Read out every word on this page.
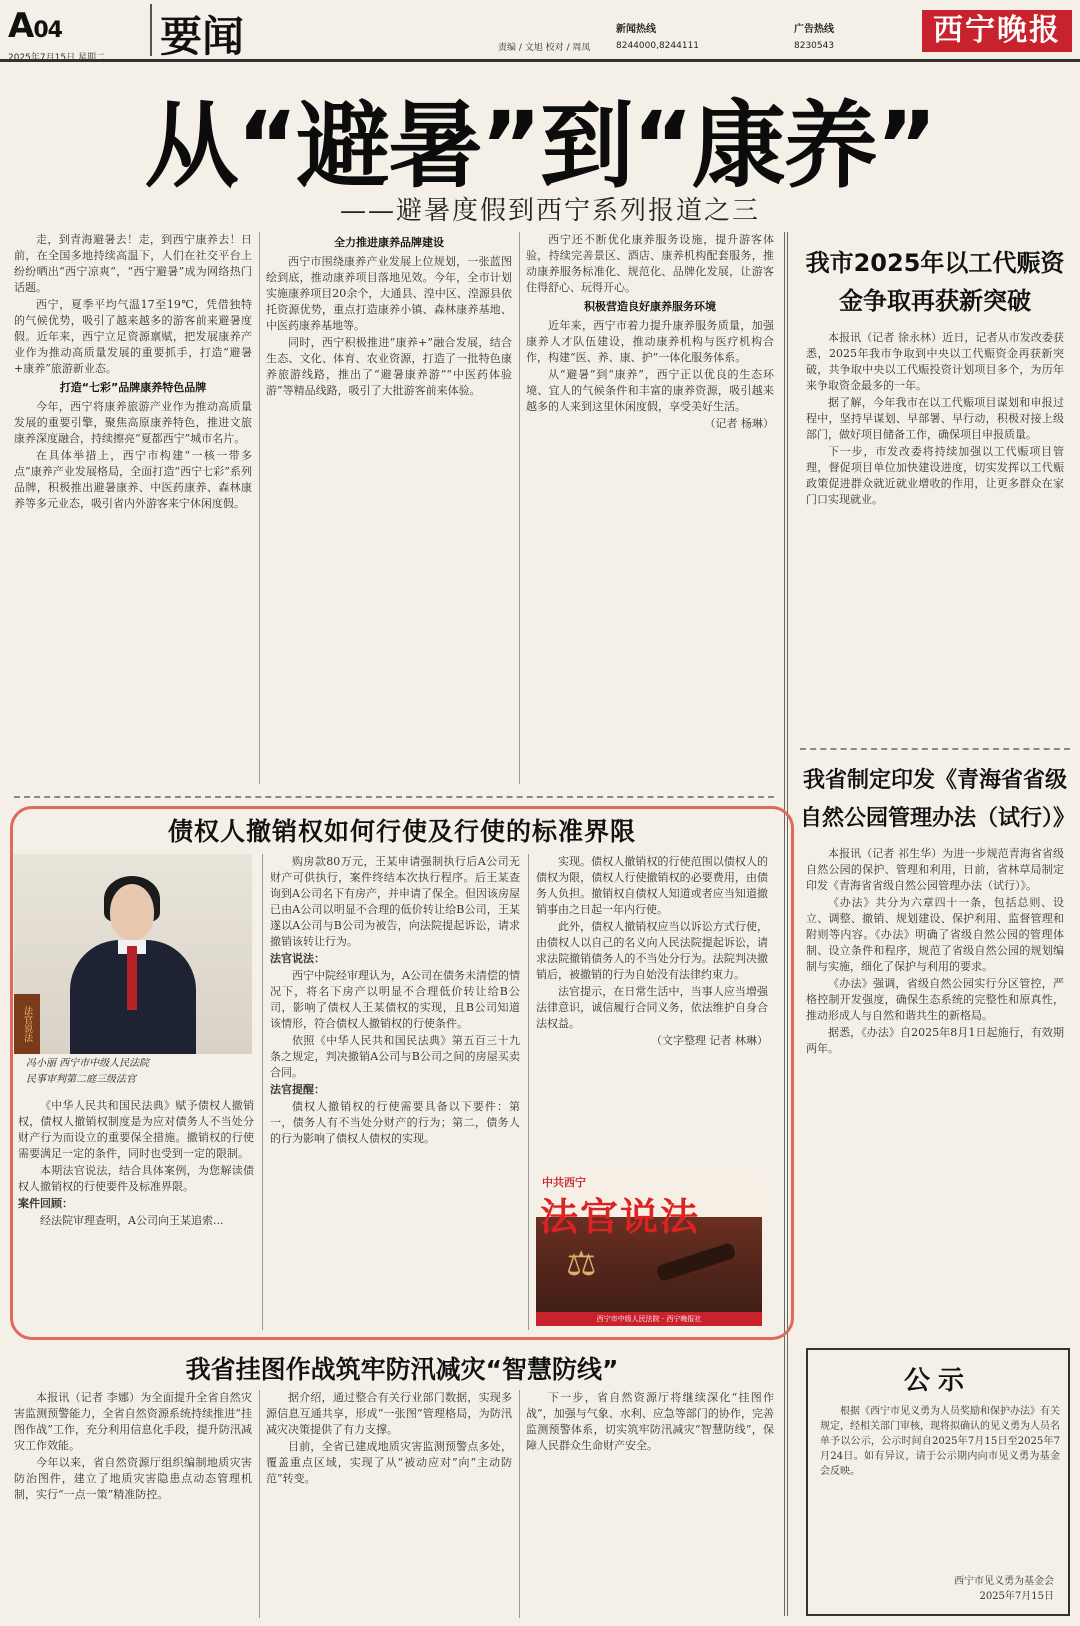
A04
2025年7月15日 星期二 要闻	责编 / 文旭 校对 / 周凤
新闻热线
8244000,8244111
广告热线
8230543	西宁晚报
从“避暑”到“康养”
——避暑度假到西宁系列报道之三

走，到青海避暑去！走，到西宁康养去！日前，在全国多地持续高温下，人们在社交平台上纷纷晒出“西宁凉爽”，“西宁避暑”成为网络热门话题。

西宁，夏季平均气温17至19℃，凭借独特的气候优势，吸引了越来越多的游客前来避暑度假。近年来，西宁立足资源禀赋，把发展康养产业作为推动高质量发展的重要抓手，打造“避暑+康养”旅游新业态。

打造“七彩”品牌康养特色品牌

今年，西宁将康养旅游产业作为推动高质量发展的重要引擎，聚焦高原康养特色，推进文旅康养深度融合，持续擦亮“夏都西宁”城市名片。

在具体举措上，西宁市构建“一核一带多点”康养产业发展格局，全面打造“西宁七彩”系列品牌，积极推出避暑康养、中医药康养、森林康养等多元业态，吸引省内外游客来宁休闲度假。

全力推进康养品牌建设

西宁市围绕康养产业发展上位规划，一张蓝图绘到底，推动康养项目落地见效。今年，全市计划实施康养项目20余个，大通县、湟中区、湟源县依托资源优势，重点打造康养小镇、森林康养基地、中医药康养基地等。

同时，西宁积极推进“康养+”融合发展，结合生态、文化、体育、农业资源，打造了一批特色康养旅游线路，推出了“避暑康养游”“中医药体验游”等精品线路，吸引了大批游客前来体验。

西宁还不断优化康养服务设施，提升游客体验，持续完善景区、酒店、康养机构配套服务，推动康养服务标准化、规范化、品牌化发展，让游客住得舒心、玩得开心。

积极营造良好康养服务环境

近年来，西宁市着力提升康养服务质量，加强康养人才队伍建设，推动康养机构与医疗机构合作，构建“医、养、康、护”一体化服务体系。

从“避暑”到“康养”，西宁正以优良的生态环境、宜人的气候条件和丰富的康养资源，吸引越来越多的人来到这里休闲度假，享受美好生活。

（记者 杨琳）

我市2025年以工代赈资金争取再获新突破

本报讯（记者 徐永林）近日，记者从市发改委获悉，2025年我市争取到中央以工代赈资金再获新突破，共争取中央以工代赈投资计划项目多个，为历年来争取资金最多的一年。

据了解，今年我市在以工代赈项目谋划和申报过程中，坚持早谋划、早部署、早行动，积极对接上级部门，做好项目储备工作，确保项目申报质量。

下一步，市发改委将持续加强以工代赈项目管理，督促项目单位加快建设进度，切实发挥以工代赈政策促进群众就近就业增收的作用，让更多群众在家门口实现就业。

我省制定印发《青海省省级自然公园管理办法（试行）》

本报讯（记者 祁生华）为进一步规范青海省省级自然公园的保护、管理和利用，日前，省林草局制定印发《青海省省级自然公园管理办法（试行）》。

《办法》共分为六章四十一条，包括总则、设立、调整、撤销、规划建设、保护利用、监督管理和附则等内容。《办法》明确了省级自然公园的管理体制、设立条件和程序，规范了省级自然公园的规划编制与实施，细化了保护与利用的要求。

《办法》强调，省级自然公园实行分区管控，严格控制开发强度，确保生态系统的完整性和原真性，推动形成人与自然和谐共生的新格局。

据悉，《办法》自2025年8月1日起施行，有效期两年。

债权人撤销权如何行使及行使的标准界限
法官说法
冯小丽 西宁市中级人民法院
民事审判第二庭三级法官

《中华人民共和国民法典》赋予债权人撤销权，债权人撤销权制度是为应对债务人不当处分财产行为而设立的重要保全措施。撤销权的行使需要满足一定的条件，同时也受到一定的限制。

本期法官说法，结合具体案例，为您解读债权人撤销权的行使要件及标准界限。

案件回顾：

经法院审理查明，A公司向王某追索...

购房款80万元，王某申请强制执行后A公司无财产可供执行，案件终结本次执行程序。后王某查询到A公司名下有房产，并申请了保全。但因该房屋已由A公司以明显不合理的低价转让给B公司，王某遂以A公司与B公司为被告，向法院提起诉讼，请求撤销该转让行为。

法官说法：

西宁中院经审理认为，A公司在债务未清偿的情况下，将名下房产以明显不合理低价转让给B公司，影响了债权人王某债权的实现，且B公司知道该情形，符合债权人撤销权的行使条件。

依照《中华人民共和国民法典》第五百三十九条之规定，判决撤销A公司与B公司之间的房屋买卖合同。

法官提醒：

债权人撤销权的行使需要具备以下要件：第一，债务人有不当处分财产的行为；第二，债务人的行为影响了债权人债权的实现。

实现。债权人撤销权的行使范围以债权人的债权为限，债权人行使撤销权的必要费用，由债务人负担。撤销权自债权人知道或者应当知道撤销事由之日起一年内行使。

此外，债权人撤销权应当以诉讼方式行使，由债权人以自己的名义向人民法院提起诉讼，请求法院撤销债务人的不当处分行为。法院判决撤销后，被撤销的行为自始没有法律约束力。

法官提示，在日常生活中，当事人应当增强法律意识，诚信履行合同义务，依法维护自身合法权益。

（文字整理 记者 林琳）

中共西宁
法官说法
⚖
西宁市中级人民法院 · 西宁晚报社
我省挂图作战筑牢防汛减灾“智慧防线”

本报讯（记者 李娜）为全面提升全省自然灾害监测预警能力，全省自然资源系统持续推进“挂图作战”工作，充分利用信息化手段，提升防汛减灾工作效能。

今年以来，省自然资源厅组织编制地质灾害防治图件，建立了地质灾害隐患点动态管理机制，实行“一点一策”精准防控。

据介绍，通过整合有关行业部门数据，实现多源信息互通共享，形成“一张图”管理格局，为防汛减灾决策提供了有力支撑。

目前，全省已建成地质灾害监测预警点多处，覆盖重点区域，实现了从“被动应对”向“主动防范”转变。

下一步，省自然资源厅将继续深化“挂图作战”，加强与气象、水利、应急等部门的协作，完善监测预警体系，切实筑牢防汛减灾“智慧防线”，保障人民群众生命财产安全。

公示

根据《西宁市见义勇为人员奖励和保护办法》有关规定，经相关部门审核，现将拟确认的见义勇为人员名单予以公示，公示时间自2025年7月15日至2025年7月24日。如有异议，请于公示期内向市见义勇为基金会反映。

西宁市见义勇为基金会
2025年7月15日
